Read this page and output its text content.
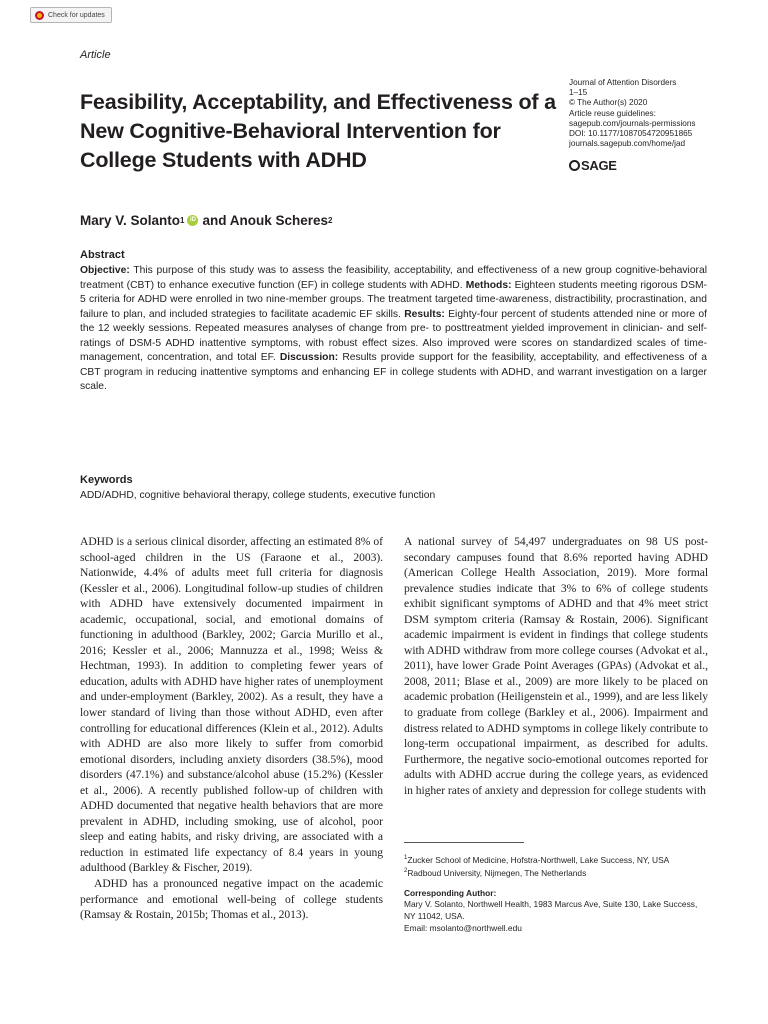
Check for updates
Article
Journal of Attention Disorders
1–15
© The Author(s) 2020
Article reuse guidelines:
sagepub.com/journals-permissions
DOI: 10.1177/1087054720951865
journals.sagepub.com/home/jad
SAGE
Feasibility, Acceptability, and Effectiveness of a New Cognitive-Behavioral Intervention for College Students with ADHD
Mary V. Solanto 1 iD and Anouk Scheres 2
Abstract
Objective: This purpose of this study was to assess the feasibility, acceptability, and effectiveness of a new group cognitive-behavioral treatment (CBT) to enhance executive function (EF) in college students with ADHD. Methods: Eighteen students meeting rigorous DSM-5 criteria for ADHD were enrolled in two nine-member groups. The treatment targeted time-awareness, distractibility, procrastination, and failure to plan, and included strategies to facilitate academic EF skills. Results: Eighty-four percent of students attended nine or more of the 12 weekly sessions. Repeated measures analyses of change from pre- to posttreatment yielded improvement in clinician- and self-ratings of DSM-5 ADHD inattentive symptoms, with robust effect sizes. Also improved were scores on standardized scales of time-management, concentration, and total EF. Discussion: Results provide support for the feasibility, acceptability, and effectiveness of a CBT program in reducing inattentive symptoms and enhancing EF in college students with ADHD, and warrant investigation on a larger scale.
Keywords
ADD/ADHD, cognitive behavioral therapy, college students, executive function

ADHD is a serious clinical disorder, affecting an estimated 8% of school-aged children in the US (Faraone et al., 2003). Nationwide, 4.4% of adults meet full criteria for diagnosis (Kessler et al., 2006). Longitudinal follow-up studies of children with ADHD have extensively documented impairment in academic, occupational, social, and emotional domains of functioning in adulthood (Barkley, 2002; Garcia Murillo et al., 2016; Kessler et al., 2006; Mannuzza et al., 1998; Weiss & Hechtman, 1993). In addition to completing fewer years of education, adults with ADHD have higher rates of unemployment and under-employment (Barkley, 2002). As a result, they have a lower standard of living than those without ADHD, even after controlling for educational differences (Klein et al., 2012). Adults with ADHD are also more likely to suffer from comorbid emotional disorders, including anxiety disorders (38.5%), mood disorders (47.1%) and substance/alcohol abuse (15.2%) (Kessler et al., 2006). A recently published follow-up of children with ADHD documented that negative health behaviors that are more prevalent in ADHD, including smoking, use of alcohol, poor sleep and eating habits, and risky driving, are associated with a reduction in estimated life expectancy of 8.4 years in young adulthood (Barkley & Fischer, 2019).

ADHD has a pronounced negative impact on the academic performance and emotional well-being of college students (Ramsay & Rostain, 2015b; Thomas et al., 2013).

A national survey of 54,497 undergraduates on 98 US post-secondary campuses found that 8.6% reported having ADHD (American College Health Association, 2019). More formal prevalence studies indicate that 3% to 6% of college students exhibit significant symptoms of ADHD and that 4% meet strict DSM symptom criteria (Ramsay & Rostain, 2006). Significant academic impairment is evident in findings that college students with ADHD withdraw from more college courses (Advokat et al., 2011), have lower Grade Point Averages (GPAs) (Advokat et al., 2008, 2011; Blase et al., 2009) are more likely to be placed on academic probation (Heiligenstein et al., 1999), and are less likely to graduate from college (Barkley et al., 2006). Impairment and distress related to ADHD symptoms in college likely contribute to long-term occupational impairment, as described for adults. Furthermore, the negative socio-emotional outcomes reported for adults with ADHD accrue during the college years, as evidenced in higher rates of anxiety and depression for college students with

$^1$Zucker School of Medicine, Hofstra-Northwell, Lake Success, NY, USA
$^2$Radboud University, Nijmegen, The Netherlands
Corresponding Author:
Mary V. Solanto, Northwell Health, 1983 Marcus Ave, Suite 130, Lake Success, NY 11042, USA.
Email: msolanto@northwell.edu
